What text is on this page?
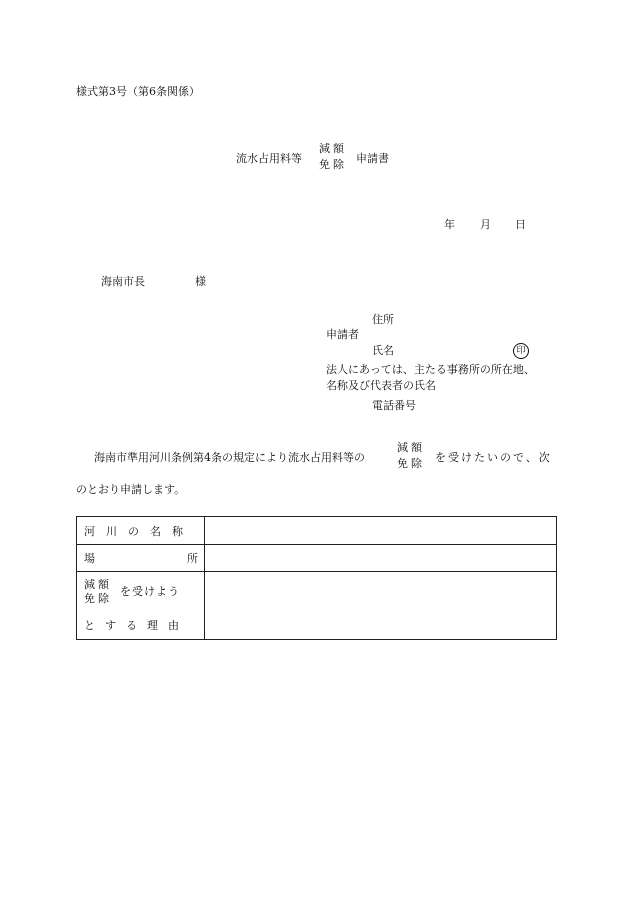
様式第3号（第6条関係）
流水占用料等
減額
免除 申請書
年 月 日
海南市長	様
住所
申請者
氏名	印
法人にあっては、主たる事務所の所在地、
名称及び代表者の氏名
電話番号
海南市準用河川条例第4条の規定により流水占用料等の
減額
免除 を受けたいので、次
のとおり申請します。
河川の名称	

場 所	

減額
免除 を受けよう
とする理由	
